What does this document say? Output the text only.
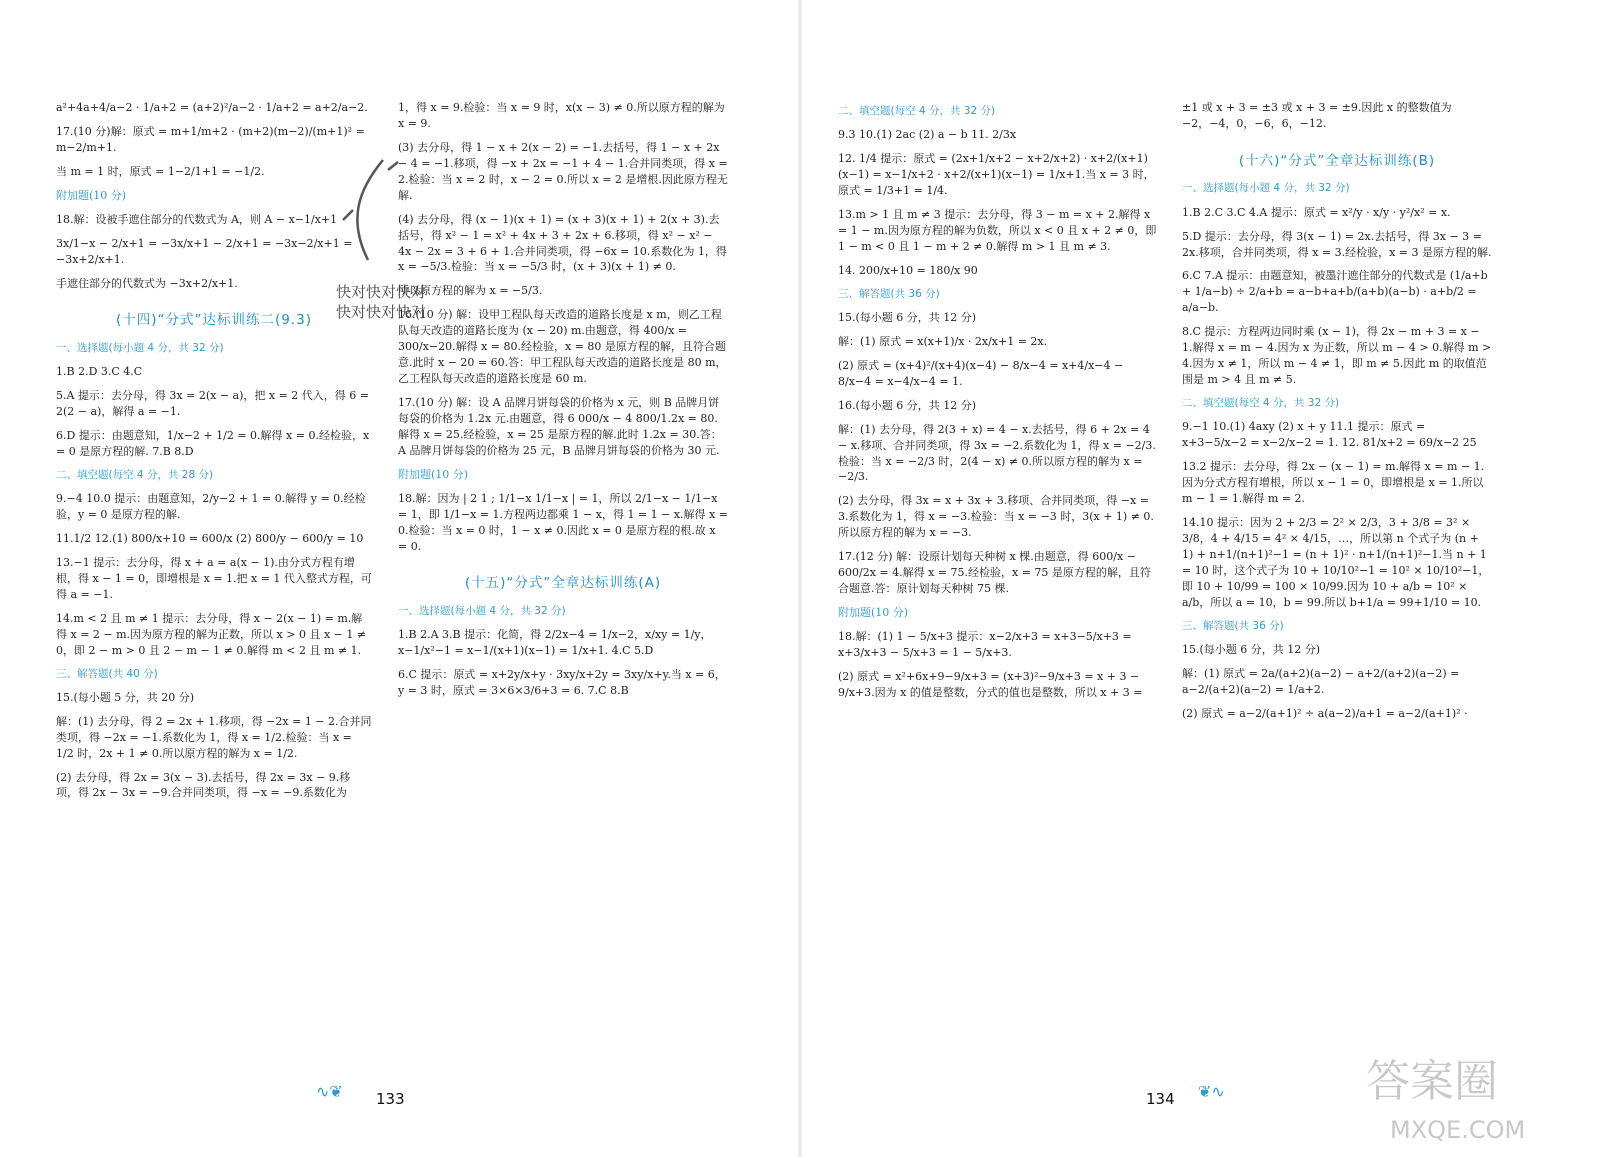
a²+4a+4/a−2 · 1/a+2 = (a+2)²/a−2 · 1/a+2 = a+2/a−2.
17.(10 分)解：原式 = m+1/m+2 · (m+2)(m−2)/(m+1)² = m−2/m+1.
当 m = 1 时，原式 = 1−2/1+1 = −1/2.
附加题(10 分)
18.解：设被手遮住部分的代数式为 A，则 A − x−1/x+1
3x/1−x − 2/x+1 = −3x/x+1 − 2/x+1 = −3x−2/x+1 = −3x+2/x+1.
手遮住部分的代数式为 −3x+2/x+1.
(十四)“分式”达标训练二(9.3)
一、选择题(每小题 4 分，共 32 分)
1.B 2.D 3.C 4.C
5.A 提示：去分母，得 3x = 2(x − a)，把 x = 2 代入，得 6 = 2(2 − a)，解得 a = −1.
6.D 提示：由题意知，1/x−2 + 1/2 = 0.解得 x = 0.经检验，x = 0 是原方程的解. 7.B 8.D
二、填空题(每空 4 分，共 28 分)
9.−4 10.0 提示：由题意知，2/y−2 + 1 = 0.解得 y = 0.经检验，y = 0 是原方程的解.
11.1/2 12.(1) 800/x+10 = 600/x (2) 800/y − 600/y = 10
13.−1 提示：去分母，得 x + a = a(x − 1).由分式方程有增根，得 x − 1 = 0，即增根是 x = 1.把 x = 1 代入整式方程，可得 a = −1.
14.m < 2 且 m ≠ 1 提示：去分母，得 x − 2(x − 1) = m.解得 x = 2 − m.因为原方程的解为正数，所以 x > 0 且 x − 1 ≠ 0，即 2 − m > 0 且 2 − m − 1 ≠ 0.解得 m < 2 且 m ≠ 1.
三、解答题(共 40 分)
15.(每小题 5 分，共 20 分)
解：(1) 去分母，得 2 = 2x + 1.移项，得 −2x = 1 − 2.合并同类项，得 −2x = −1.系数化为 1，得 x = 1/2.检验：当 x = 1/2 时，2x + 1 ≠ 0.所以原方程的解为 x = 1/2.
(2) 去分母，得 2x = 3(x − 3).去括号，得 2x = 3x − 9.移项，得 2x − 3x = −9.合并同类项，得 −x = −9.系数化为
1，得 x = 9.检验：当 x = 9 时，x(x − 3) ≠ 0.所以原方程的解为 x = 9.
(3) 去分母，得 1 − x + 2(x − 2) = −1.去括号，得 1 − x + 2x − 4 = −1.移项，得 −x + 2x = −1 + 4 − 1.合并同类项，得 x = 2.检验：当 x = 2 时，x − 2 = 0.所以 x = 2 是增根.因此原方程无解.
(4) 去分母，得 (x − 1)(x + 1) = (x + 3)(x + 1) + 2(x + 3).去括号，得 x² − 1 = x² + 4x + 3 + 2x + 6.移项，得 x² − x² − 4x − 2x = 3 + 6 + 1.合并同类项，得 −6x = 10.系数化为 1，得 x = −5/3.检验：当 x = −5/3 时，(x + 3)(x + 1) ≠ 0.
所以原方程的解为 x = −5/3.
16.(10 分) 解：设甲工程队每天改造的道路长度是 x m，则乙工程队每天改造的道路长度为 (x − 20) m.由题意，得 400/x = 300/x−20.解得 x = 80.经检验，x = 80 是原方程的解，且符合题意.此时 x − 20 = 60.答：甲工程队每天改造的道路长度是 80 m，乙工程队每天改造的道路长度是 60 m.
17.(10 分) 解：设 A 品牌月饼每袋的价格为 x 元，则 B 品牌月饼每袋的价格为 1.2x 元.由题意，得 6 000/x − 4 800/1.2x = 80.解得 x = 25.经检验，x = 25 是原方程的解.此时 1.2x = 30.答：A 品牌月饼每袋的价格为 25 元，B 品牌月饼每袋的价格为 30 元.
附加题(10 分)
18.解：因为 | 2 1 ; 1/1−x 1/1−x | = 1，所以 2/1−x − 1/1−x = 1，即 1/1−x = 1.方程两边都乘 1 − x，得 1 = 1 − x.解得 x = 0.检验：当 x = 0 时，1 − x ≠ 0.因此 x = 0 是原方程的根.故 x = 0.
(十五)“分式”全章达标训练(A)
一、选择题(每小题 4 分，共 32 分)
1.B 2.A 3.B 提示：化简，得 2/2x−4 = 1/x−2，x/xy = 1/y，x−1/x²−1 = x−1/(x+1)(x−1) = 1/x+1. 4.C 5.D
6.C 提示：原式 = x+2y/x+y · 3xy/x+2y = 3xy/x+y.当 x = 6，y = 3 时，原式 = 3×6×3/6+3 = 6. 7.C 8.B
快对快对快对
快对快对快对
∿❦ 133
二、填空题(每空 4 分，共 32 分)
9.3 10.(1) 2ac (2) a − b 11. 2/3x
12. 1/4 提示：原式 = (2x+1/x+2 − x+2/x+2) · x+2/(x+1)(x−1) = x−1/x+2 · x+2/(x+1)(x−1) = 1/x+1.当 x = 3 时，原式 = 1/3+1 = 1/4.
13.m > 1 且 m ≠ 3 提示：去分母，得 3 − m = x + 2.解得 x = 1 − m.因为原方程的解为负数，所以 x < 0 且 x + 2 ≠ 0，即 1 − m < 0 且 1 − m + 2 ≠ 0.解得 m > 1 且 m ≠ 3.
14. 200/x+10 = 180/x 90
三、解答题(共 36 分)
15.(每小题 6 分，共 12 分)
解：(1) 原式 = x(x+1)/x · 2x/x+1 = 2x.
(2) 原式 = (x+4)²/(x+4)(x−4) − 8/x−4 = x+4/x−4 − 8/x−4 = x−4/x−4 = 1.
16.(每小题 6 分，共 12 分)
解：(1) 去分母，得 2(3 + x) = 4 − x.去括号，得 6 + 2x = 4 − x.移项、合并同类项，得 3x = −2.系数化为 1，得 x = −2/3.检验：当 x = −2/3 时，2(4 − x) ≠ 0.所以原方程的解为 x = −2/3.
(2) 去分母，得 3x = x + 3x + 3.移项、合并同类项，得 −x = 3.系数化为 1，得 x = −3.检验：当 x = −3 时，3(x + 1) ≠ 0.所以原方程的解为 x = −3.
17.(12 分) 解：设原计划每天种树 x 棵.由题意，得 600/x − 600/2x = 4.解得 x = 75.经检验，x = 75 是原方程的解，且符合题意.答：原计划每天种树 75 棵.
附加题(10 分)
18.解：(1) 1 − 5/x+3 提示：x−2/x+3 = x+3−5/x+3 = x+3/x+3 − 5/x+3 = 1 − 5/x+3.
(2) 原式 = x²+6x+9−9/x+3 = (x+3)²−9/x+3 = x + 3 − 9/x+3.因为 x 的值是整数，分式的值也是整数，所以 x + 3 =
±1 或 x + 3 = ±3 或 x + 3 = ±9.因此 x 的整数值为 −2，−4，0，−6，6，−12.
(十六)“分式”全章达标训练(B)
一、选择题(每小题 4 分，共 32 分)
1.B 2.C 3.C 4.A 提示：原式 = x²/y · x/y · y²/x² = x.
5.D 提示：去分母，得 3(x − 1) = 2x.去括号，得 3x − 3 = 2x.移项，合并同类项，得 x = 3.经检验，x = 3 是原方程的解.
6.C 7.A 提示：由题意知，被墨汁遮住部分的代数式是 (1/a+b + 1/a−b) ÷ 2/a+b = a−b+a+b/(a+b)(a−b) · a+b/2 = a/a−b.
8.C 提示：方程两边同时乘 (x − 1)，得 2x − m + 3 = x − 1.解得 x = m − 4.因为 x 为正数，所以 m − 4 > 0.解得 m > 4.因为 x ≠ 1，所以 m − 4 ≠ 1，即 m ≠ 5.因此 m 的取值范围是 m > 4 且 m ≠ 5.
二、填空题(每空 4 分，共 32 分)
9.−1 10.(1) 4axy (2) x + y 11.1 提示：原式 = x+3−5/x−2 = x−2/x−2 = 1. 12. 81/x+2 = 69/x−2 25
13.2 提示：去分母，得 2x − (x − 1) = m.解得 x = m − 1.因为分式方程有增根，所以 x − 1 = 0，即增根是 x = 1.所以 m − 1 = 1.解得 m = 2.
14.10 提示：因为 2 + 2/3 = 2² × 2/3，3 + 3/8 = 3² × 3/8，4 + 4/15 = 4² × 4/15，…，所以第 n 个式子为 (n + 1) + n+1/(n+1)²−1 = (n + 1)² · n+1/(n+1)²−1.当 n + 1 = 10 时，这个式子为 10 + 10/10²−1 = 10² × 10/10²−1，即 10 + 10/99 = 100 × 10/99.因为 10 + a/b = 10² × a/b，所以 a = 10，b = 99.所以 b+1/a = 99+1/10 = 10.
三、解答题(共 36 分)
15.(每小题 6 分，共 12 分)
解：(1) 原式 = 2a/(a+2)(a−2) − a+2/(a+2)(a−2) = a−2/(a+2)(a−2) = 1/a+2.
(2) 原式 = a−2/(a+1)² ÷ a(a−2)/a+1 = a−2/(a+1)² ·
134 ❦∿	答案圈
MXQE.COM
